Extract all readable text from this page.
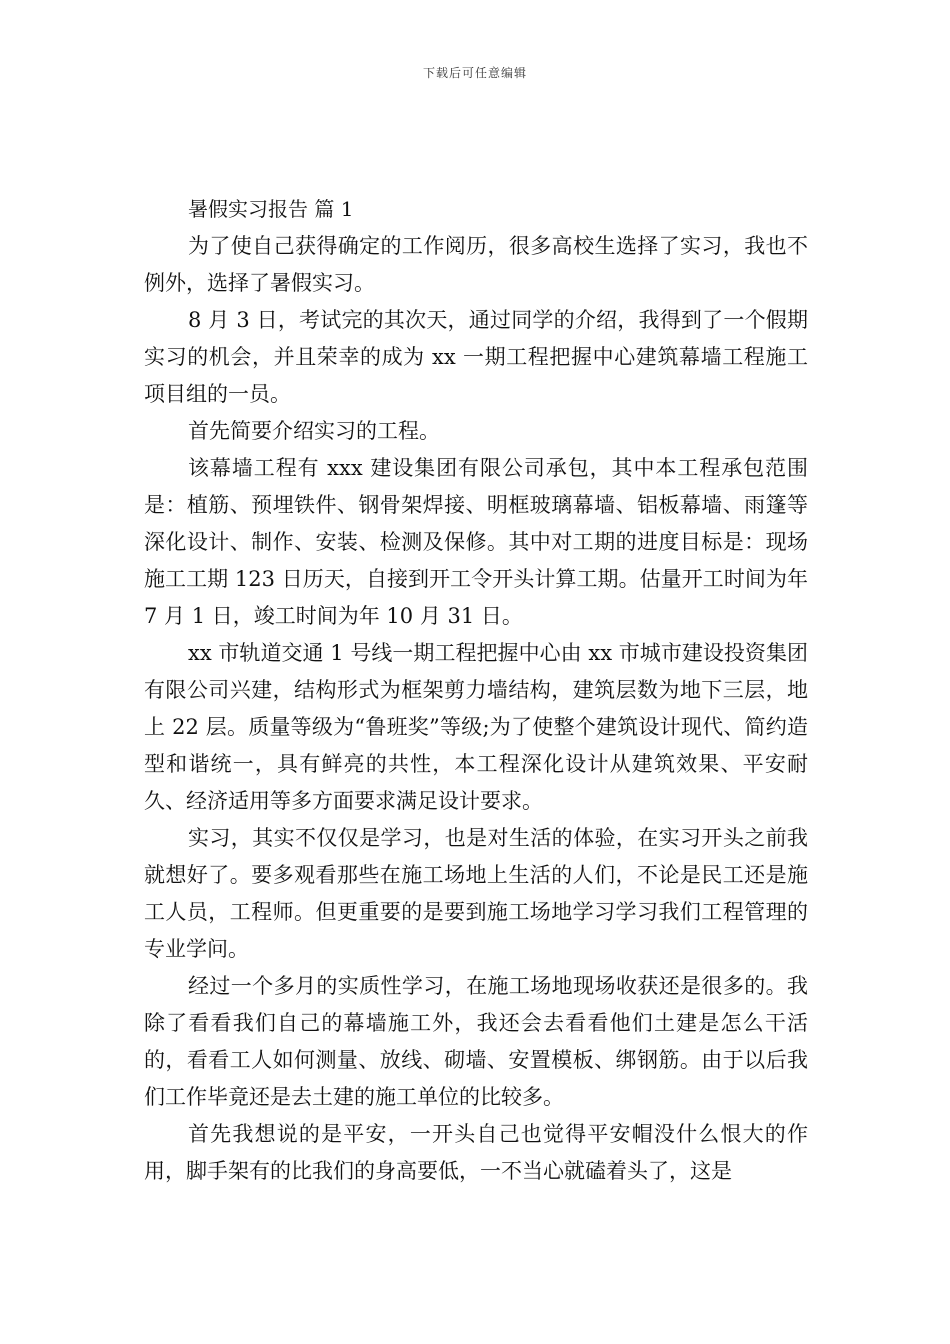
下载后可任意编辑

暑假实习报告 篇 1

为了使自己获得确定的工作阅历，很多高校生选择了实习，我也不例外，选择了暑假实习。

8 月 3 日，考试完的其次天，通过同学的介绍，我得到了一个假期实习的机会，并且荣幸的成为 xx 一期工程把握中心建筑幕墙工程施工项目组的一员。

首先简要介绍实习的工程。

该幕墙工程有 xxx 建设集团有限公司承包，其中本工程承包范围是：植筋、预埋铁件、钢骨架焊接、明框玻璃幕墙、铝板幕墙、雨篷等深化设计、制作、安装、检测及保修。其中对工期的进度目标是：现场施工工期 123 日历天，自接到开工令开头计算工期。估量开工时间为年 7 月 1 日，竣工时间为年 10 月 31 日。

xx 市轨道交通 1 号线一期工程把握中心由 xx 市城市建设投资集团有限公司兴建，结构形式为框架剪力墙结构，建筑层数为地下三层，地上 22 层。质量等级为“鲁班奖”等级;为了使整个建筑设计现代、简约造型和谐统一，具有鲜亮的共性，本工程深化设计从建筑效果、平安耐久、经济适用等多方面要求满足设计要求。

实习，其实不仅仅是学习，也是对生活的体验，在实习开头之前我就想好了。要多观看那些在施工场地上生活的人们，不论是民工还是施工人员，工程师。但更重要的是要到施工场地学习学习我们工程管理的专业学问。

经过一个多月的实质性学习，在施工场地现场收获还是很多的。我除了看看我们自己的幕墙施工外，我还会去看看他们土建是怎么干活的，看看工人如何测量、放线、砌墙、安置模板、绑钢筋。由于以后我们工作毕竟还是去土建的施工单位的比较多。

首先我想说的是平安，一开头自己也觉得平安帽没什么恨大的作用，脚手架有的比我们的身高要低，一不当心就磕着头了，这是
